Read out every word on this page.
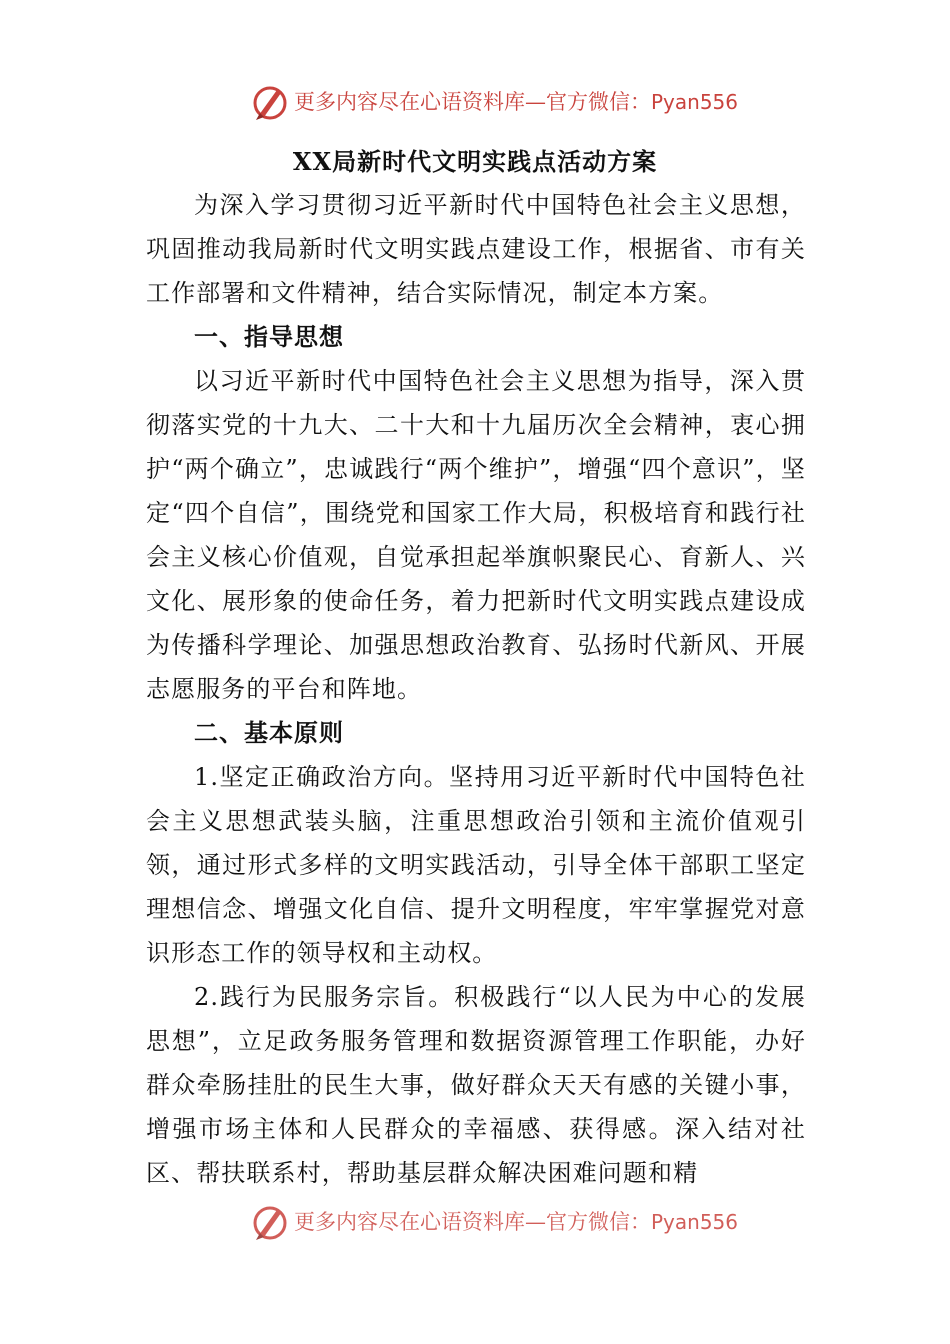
更多内容尽在心语资料库—官方微信：Pyan556
XX局新时代文明实践点活动方案

为深入学习贯彻习近平新时代中国特色社会主义思想，巩固推动我局新时代文明实践点建设工作，根据省、市有关工作部署和文件精神，结合实际情况，制定本方案。

一、指导思想

以习近平新时代中国特色社会主义思想为指导，深入贯彻落实党的十九大、二十大和十九届历次全会精神，衷心拥护“两个确立”，忠诚践行“两个维护”，增强“四个意识”，坚定“四个自信”，围绕党和国家工作大局，积极培育和践行社会主义核心价值观，自觉承担起举旗帜聚民心、育新人、兴文化、展形象的使命任务，着力把新时代文明实践点建设成为传播科学理论、加强思想政治教育、弘扬时代新风、开展志愿服务的平台和阵地。

二、基本原则

1.坚定正确政治方向。坚持用习近平新时代中国特色社会主义思想武装头脑，注重思想政治引领和主流价值观引领，通过形式多样的文明实践活动，引导全体干部职工坚定理想信念、增强文化自信、提升文明程度，牢牢掌握党对意识形态工作的领导权和主动权。

2.践行为民服务宗旨。积极践行“以人民为中心的发展思想”，立足政务服务管理和数据资源管理工作职能，办好群众牵肠挂肚的民生大事，做好群众天天有感的关键小事，增强市场主体和人民群众的幸福感、获得感。深入结对社区、帮扶联系村，帮助基层群众解决困难问题和精

更多内容尽在心语资料库—官方微信：Pyan556
